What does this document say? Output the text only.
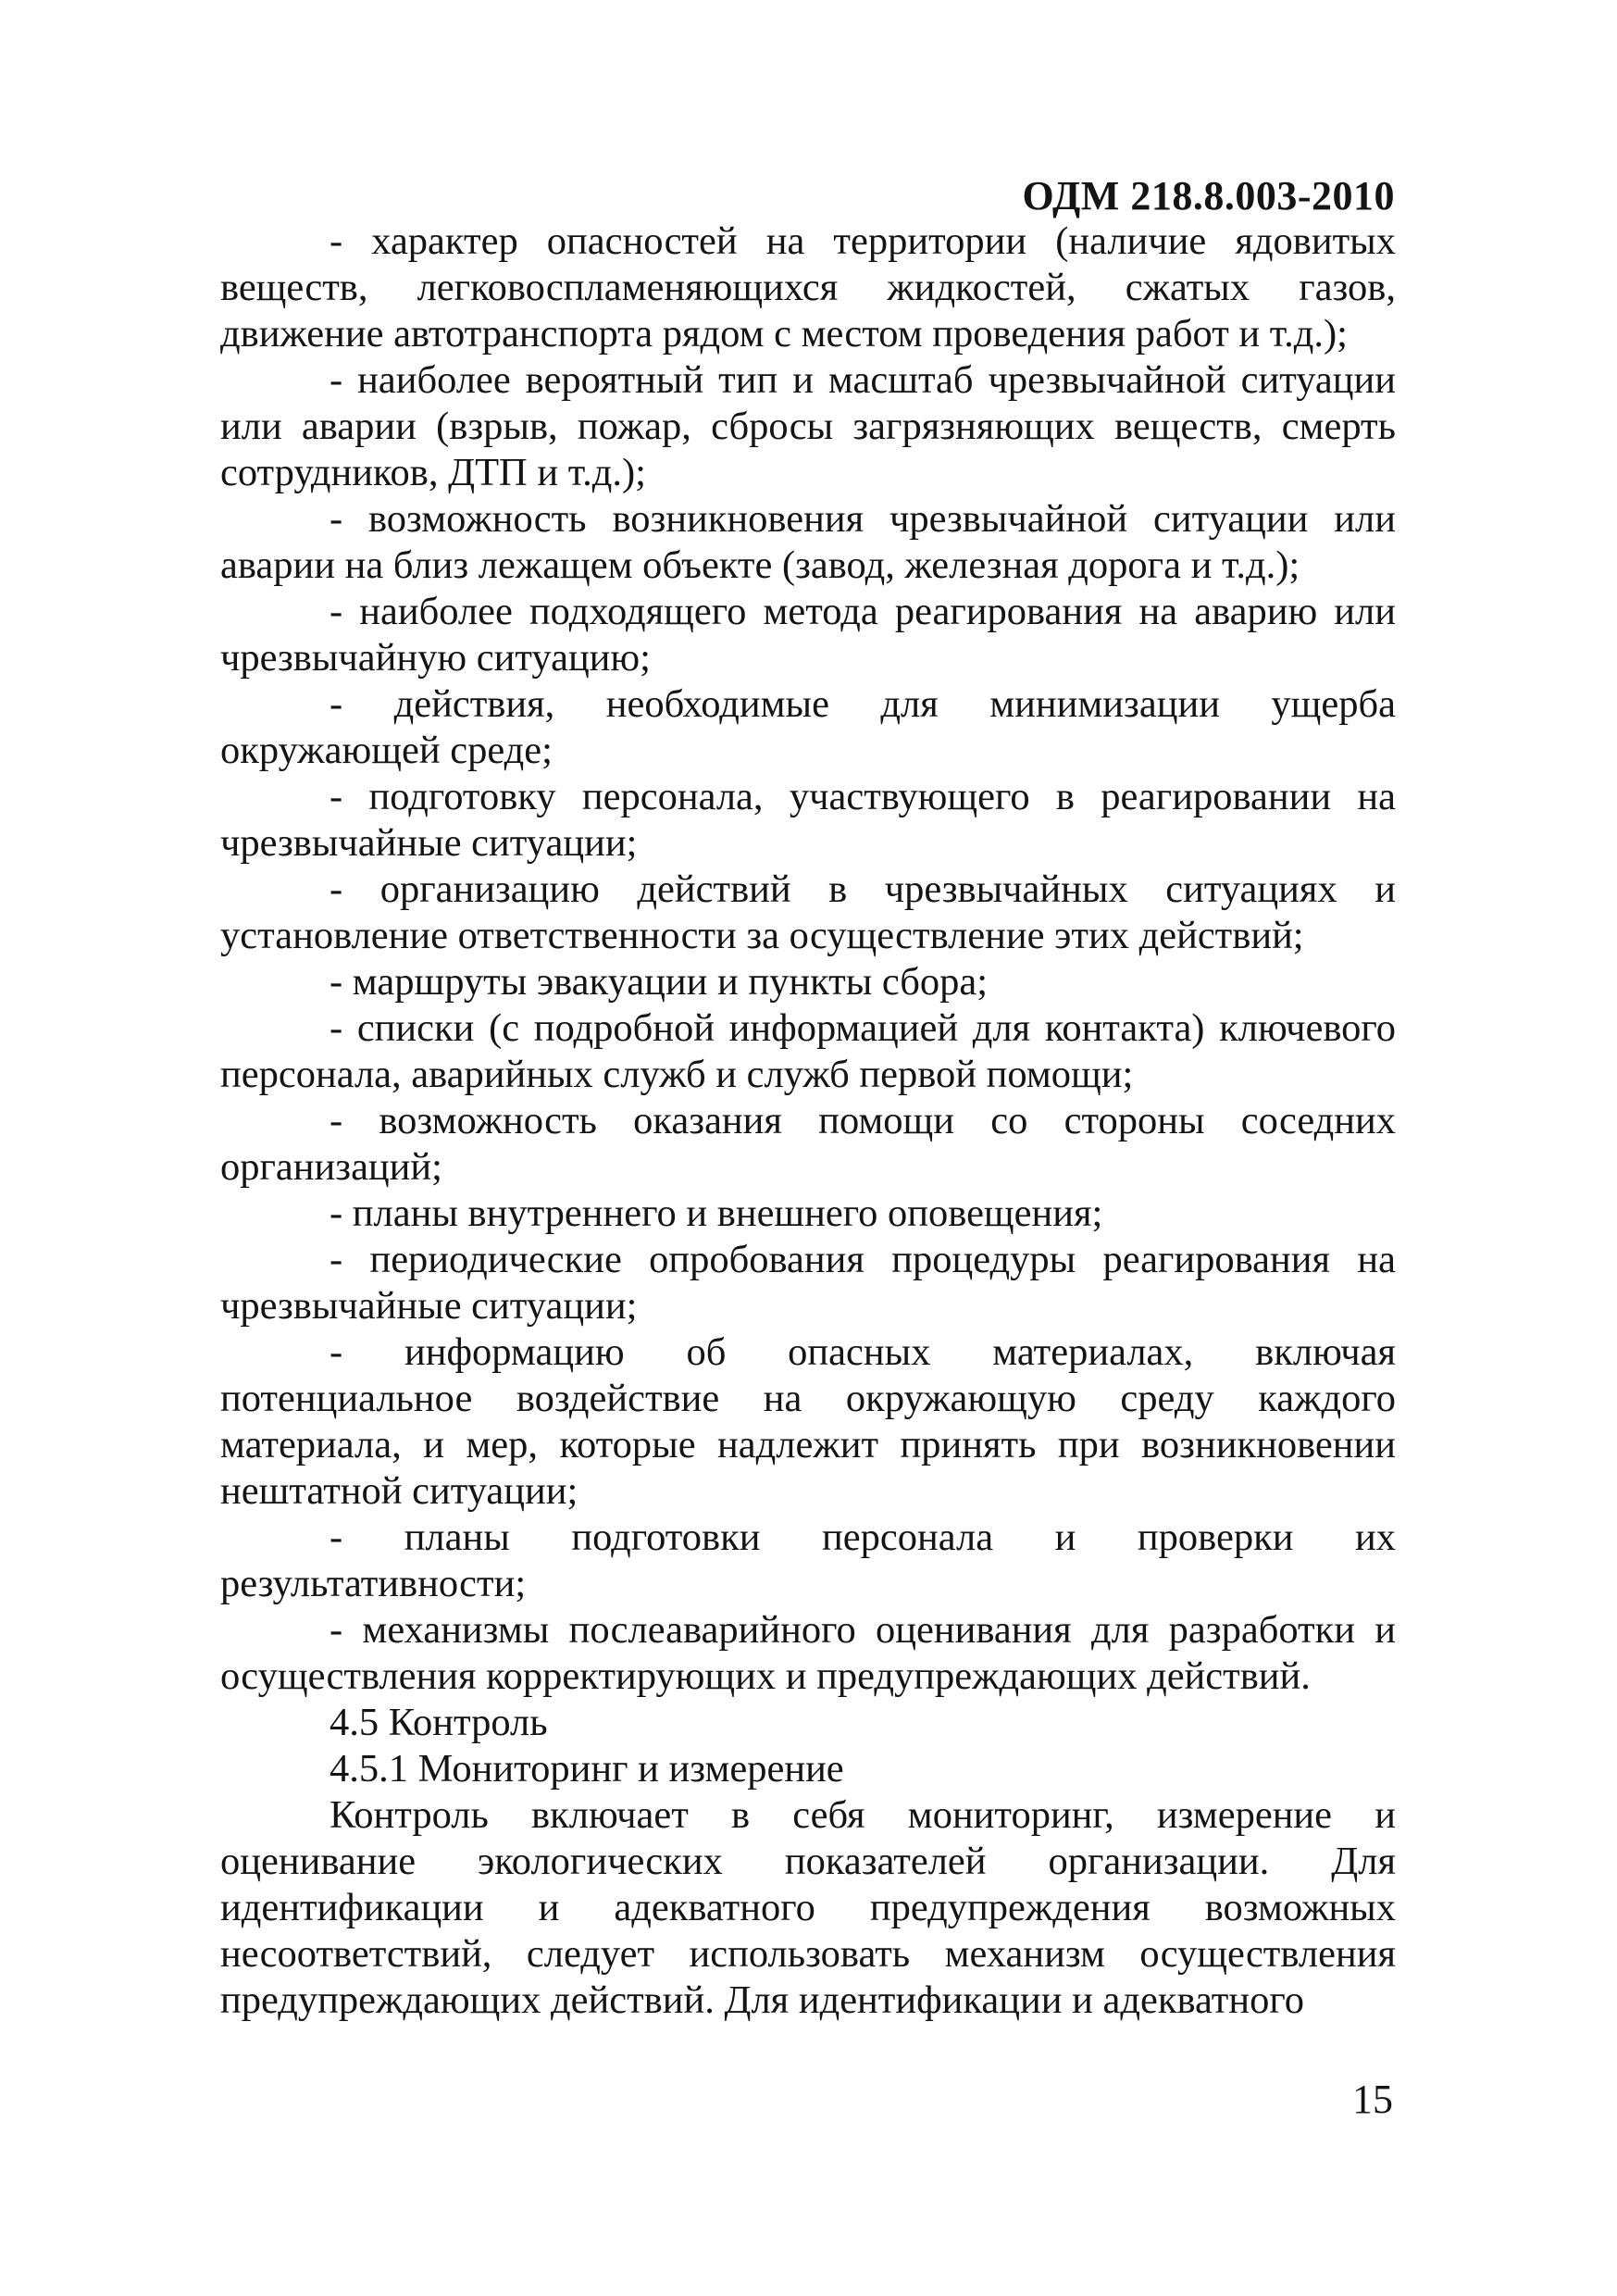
ОДМ 218.8.003-2010

- характер опасностей на территории (наличие ядовитых веществ, легковоспламеняющихся жидкостей, сжатых газов, движение автотранспорта рядом с местом проведения работ и т.д.);

- наиболее вероятный тип и масштаб чрезвычайной ситуации или аварии (взрыв, пожар, сбросы загрязняющих веществ, смерть сотрудников, ДТП и т.д.);

- возможность возникновения чрезвычайной ситуации или аварии на близ лежащем объекте (завод, железная дорога и т.д.);

- наиболее подходящего метода реагирования на аварию или чрезвычайную ситуацию;

- действия, необходимые для минимизации ущерба окружающей среде;

- подготовку персонала, участвующего в реагировании на чрезвычайные ситуации;

- организацию действий в чрезвычайных ситуациях и установление ответственности за осуществление этих действий;

- маршруты эвакуации и пункты сбора;

- списки (с подробной информацией для контакта) ключевого персонала, аварийных служб и служб первой помощи;

- возможность оказания помощи со стороны соседних организаций;

- планы внутреннего и внешнего оповещения;

- периодические опробования процедуры реагирования на чрезвычайные ситуации;

- информацию об опасных материалах, включая потенциальное воздействие на окружающую среду каждого материала, и мер, которые надлежит принять при возникновении нештатной ситуации;

- планы подготовки персонала и проверки их результативности;

- механизмы послеаварийного оценивания для разработки и осуществления корректирующих и предупреждающих действий.

4.5 Контроль

4.5.1 Мониторинг и измерение

Контроль включает в себя мониторинг, измерение и оценивание экологических показателей организации. Для идентификации и адекватного предупреждения возможных несоответствий, следует использовать механизм осуществления предупреждающих действий. Для идентификации и адекватного

15
